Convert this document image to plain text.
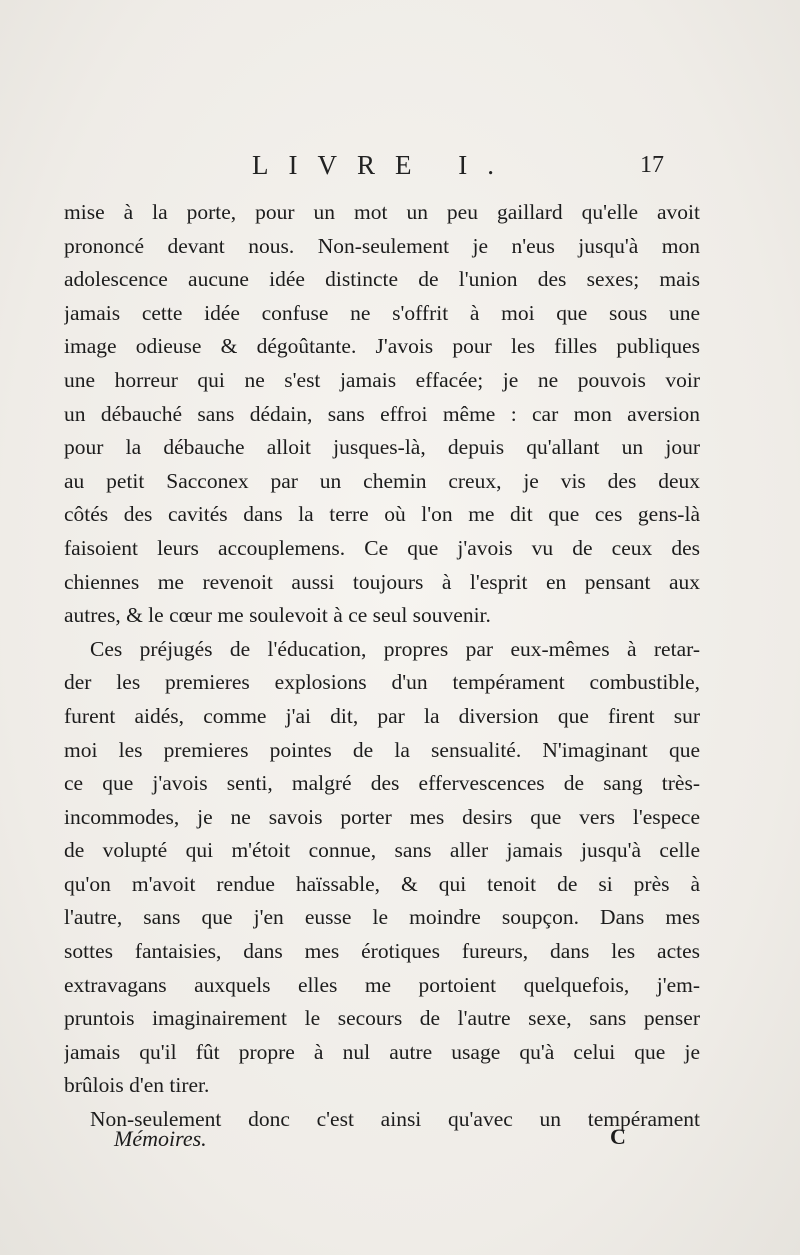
LIVRE I.	17
mise à la porte, pour un mot un peu gaillard qu'elle avoit
prononcé devant nous. Non-seulement je n'eus jusqu'à mon
adolescence aucune idée distincte de l'union des sexes; mais
jamais cette idée confuse ne s'offrit à moi que sous une
image odieuse & dégoûtante. J'avois pour les filles publiques
une horreur qui ne s'est jamais effacée; je ne pouvois voir
un débauché sans dédain, sans effroi même : car mon aversion
pour la débauche alloit jusques-là, depuis qu'allant un jour
au petit Sacconex par un chemin creux, je vis des deux
côtés des cavités dans la terre où l'on me dit que ces gens-là
faisoient leurs accouplemens. Ce que j'avois vu de ceux des
chiennes me revenoit aussi toujours à l'esprit en pensant aux
autres, & le cœur me soulevoit à ce seul souvenir.
Ces préjugés de l'éducation, propres par eux-mêmes à retar-
der les premieres explosions d'un tempérament combustible,
furent aidés, comme j'ai dit, par la diversion que firent sur
moi les premieres pointes de la sensualité. N'imaginant que
ce que j'avois senti, malgré des effervescences de sang très-
incommodes, je ne savois porter mes desirs que vers l'espece
de volupté qui m'étoit connue, sans aller jamais jusqu'à celle
qu'on m'avoit rendue haïssable, & qui tenoit de si près à
l'autre, sans que j'en eusse le moindre soupçon. Dans mes
sottes fantaisies, dans mes érotiques fureurs, dans les actes
extravagans auxquels elles me portoient quelquefois, j'em-
pruntois imaginairement le secours de l'autre sexe, sans penser
jamais qu'il fût propre à nul autre usage qu'à celui que je
brûlois d'en tirer.
Non-seulement donc c'est ainsi qu'avec un tempérament
Mémoires.	C
